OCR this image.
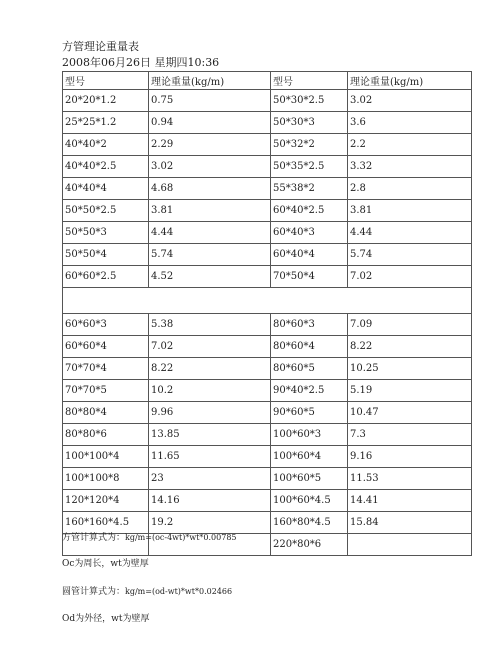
方管理论重量表
2008年06月26日 星期四10:36
型号	理论重量(kg/m)	型号	理论重量(kg/m)
20*20*1.2	0.75	50*30*2.5	3.02
25*25*1.2	0.94	50*30*3	3.6
40*40*2	2.29	50*32*2	2.2
40*40*2.5	3.02	50*35*2.5	3.32
40*40*4	4.68	55*38*2	2.8
50*50*2.5	3.81	60*40*2.5	3.81
50*50*3	4.44	60*40*3	4.44
50*50*4	5.74	60*40*4	5.74
60*60*2.5	4.52	70*50*4	7.02

60*60*3	5.38	80*60*3	7.09
60*60*4	7.02	80*60*4	8.22
70*70*4	8.22	80*60*5	10.25
70*70*5	10.2	90*40*2.5	5.19
80*80*4	9.96	90*60*5	10.47
80*80*6	13.85	100*60*3	7.3
100*100*4	11.65	100*60*4	9.16
100*100*8	23	100*60*5	11.53
120*120*4	14.16	100*60*4.5	14.41
160*160*4.5	19.2	160*80*4.5	15.84
		220*80*6	
方管计算式为：kg/m=(oc-4wt)*wt*0.00785
Oc为周长，wt为壁厚
圆管计算式为：kg/m=(od-wt)*wt*0.02466
Od为外径，wt为壁厚
